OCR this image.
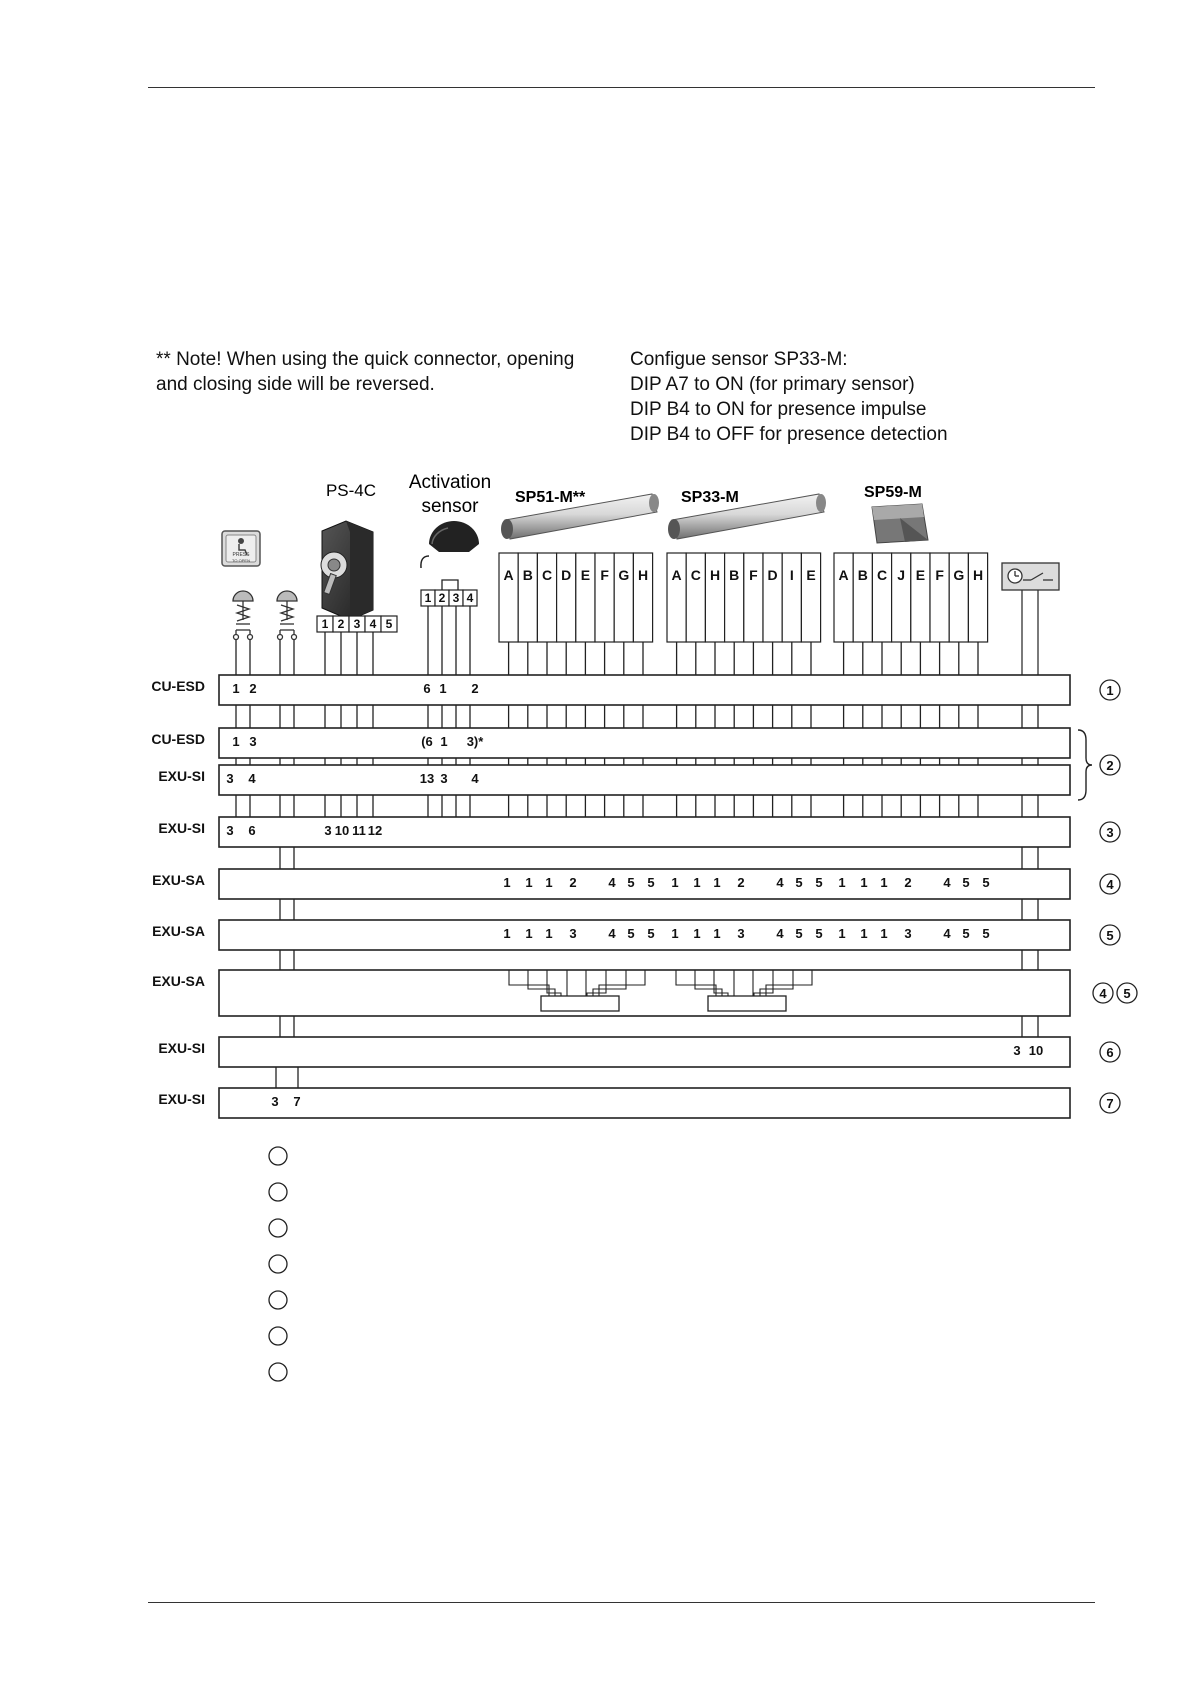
** Note! When using the quick connector, opening
and closing side will be reversed.
Configue sensor SP33-M:
DIP A7 to ON (for primary sensor)
DIP B4 to ON for presence impulse
DIP B4 to OFF for presence detection
PS-4C Activation
sensor SP51-M**	SP33-M	SP59-M
PRESS
TO OPEN
1 2 3 4 5
1 2 3 4
A B C D E F G H A C H B F D I E A B C J E F G H
CU-ESD 1 2	6 1 2	1
CU-ESD 1 3	(6 1 3)*
EXU-SI 3 4	13 3 4
2
EXU-SI 3 6	3 10 11 12	3
EXU-SA	1 1 1 2 4 5 5 1 1 1 2 4 5 5 1 1 1 2 4 5 5	4
EXU-SA	1 1 1 3 4 5 5 1 1 1 3 4 5 5 1 1 1 3 4 5 5	5
EXU-SA
4 5
EXU-SI	3 10	6
EXU-SI	3 7	7
